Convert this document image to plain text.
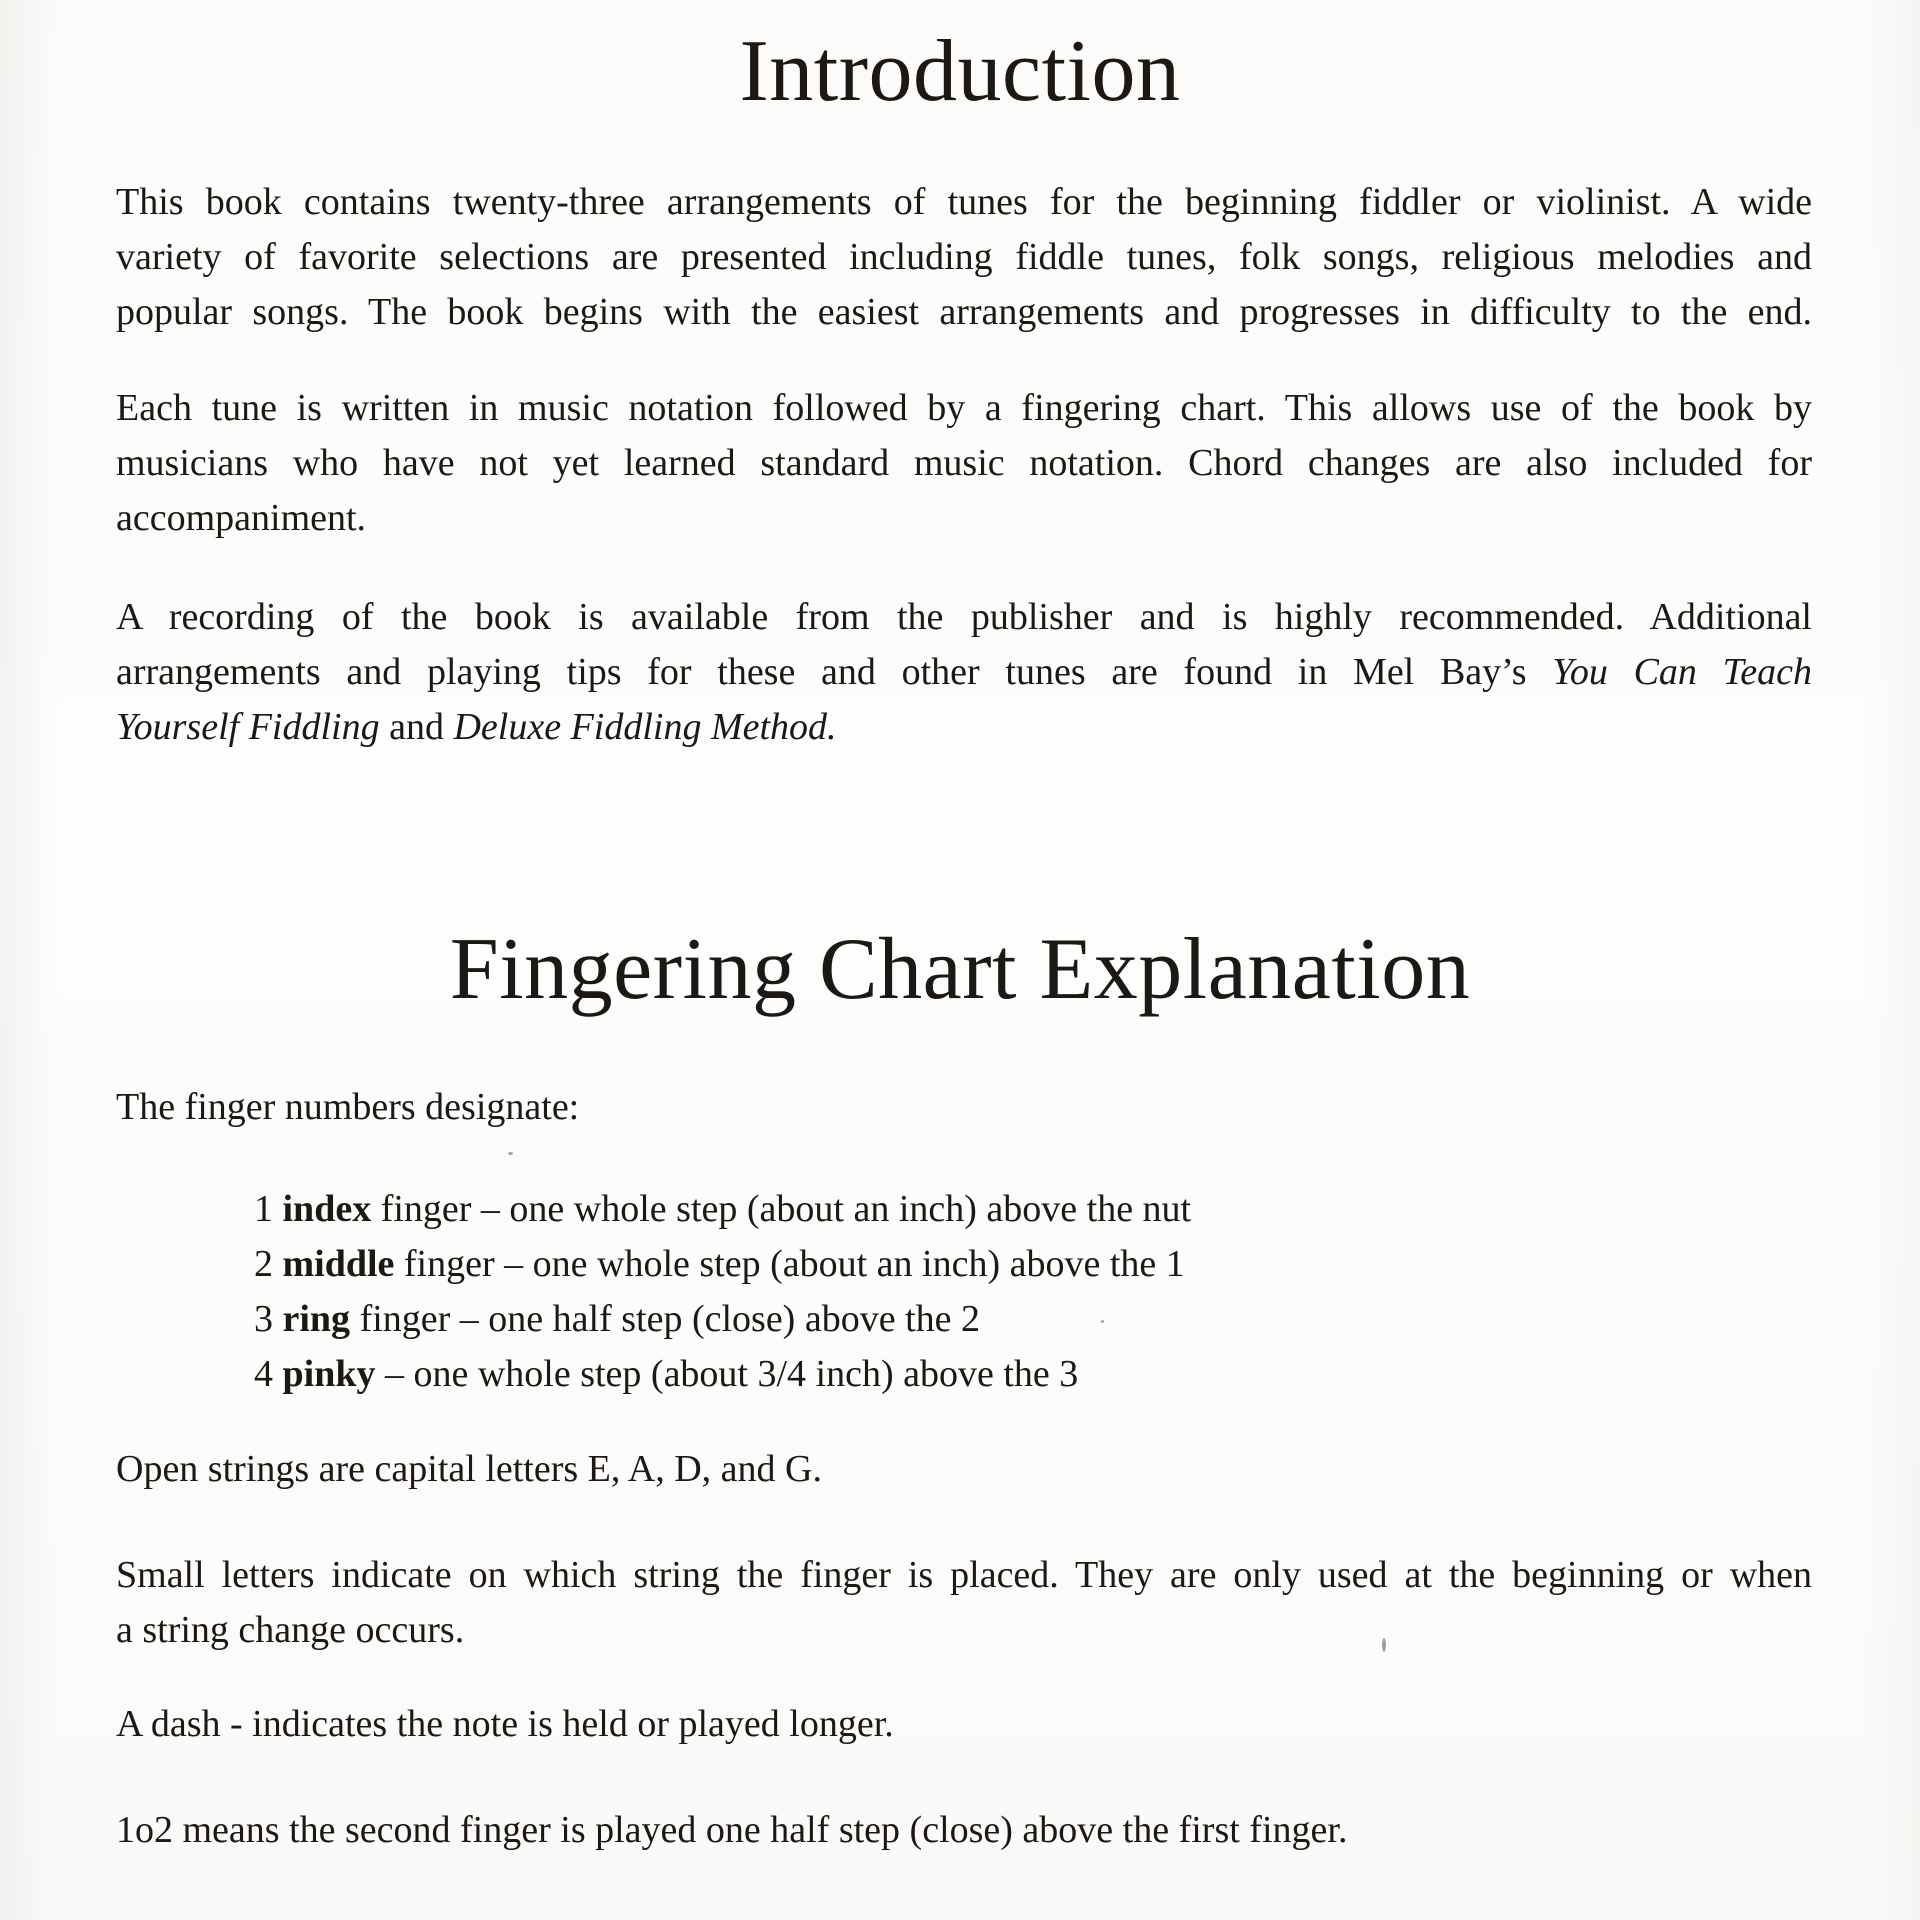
Introduction
This book contains twenty-three arrangements of tunes for the beginning fiddler or violinist. A wide
variety of favorite selections are presented including fiddle tunes, folk songs, religious melodies and
popular songs. The book begins with the easiest arrangements and progresses in difficulty to the end.
Each tune is written in music notation followed by a fingering chart. This allows use of the book by
musicians who have not yet learned standard music notation. Chord changes are also included for
accompaniment.
A recording of the book is available from the publisher and is highly recommended. Additional
arrangements and playing tips for these and other tunes are found in Mel Bay’s You Can Teach
Yourself Fiddling and Deluxe Fiddling Method.
Fingering Chart Explanation
The finger numbers designate:
1 index finger – one whole step (about an inch) above the nut
2 middle finger – one whole step (about an inch) above the 1
3 ring finger – one half step (close) above the 2
4 pinky – one whole step (about 3/4 inch) above the 3
Open strings are capital letters E, A, D, and G.
Small letters indicate on which string the finger is placed. They are only used at the beginning or when
a string change occurs.
A dash - indicates the note is held or played longer.
1o2 means the second finger is played one half step (close) above the first finger.
